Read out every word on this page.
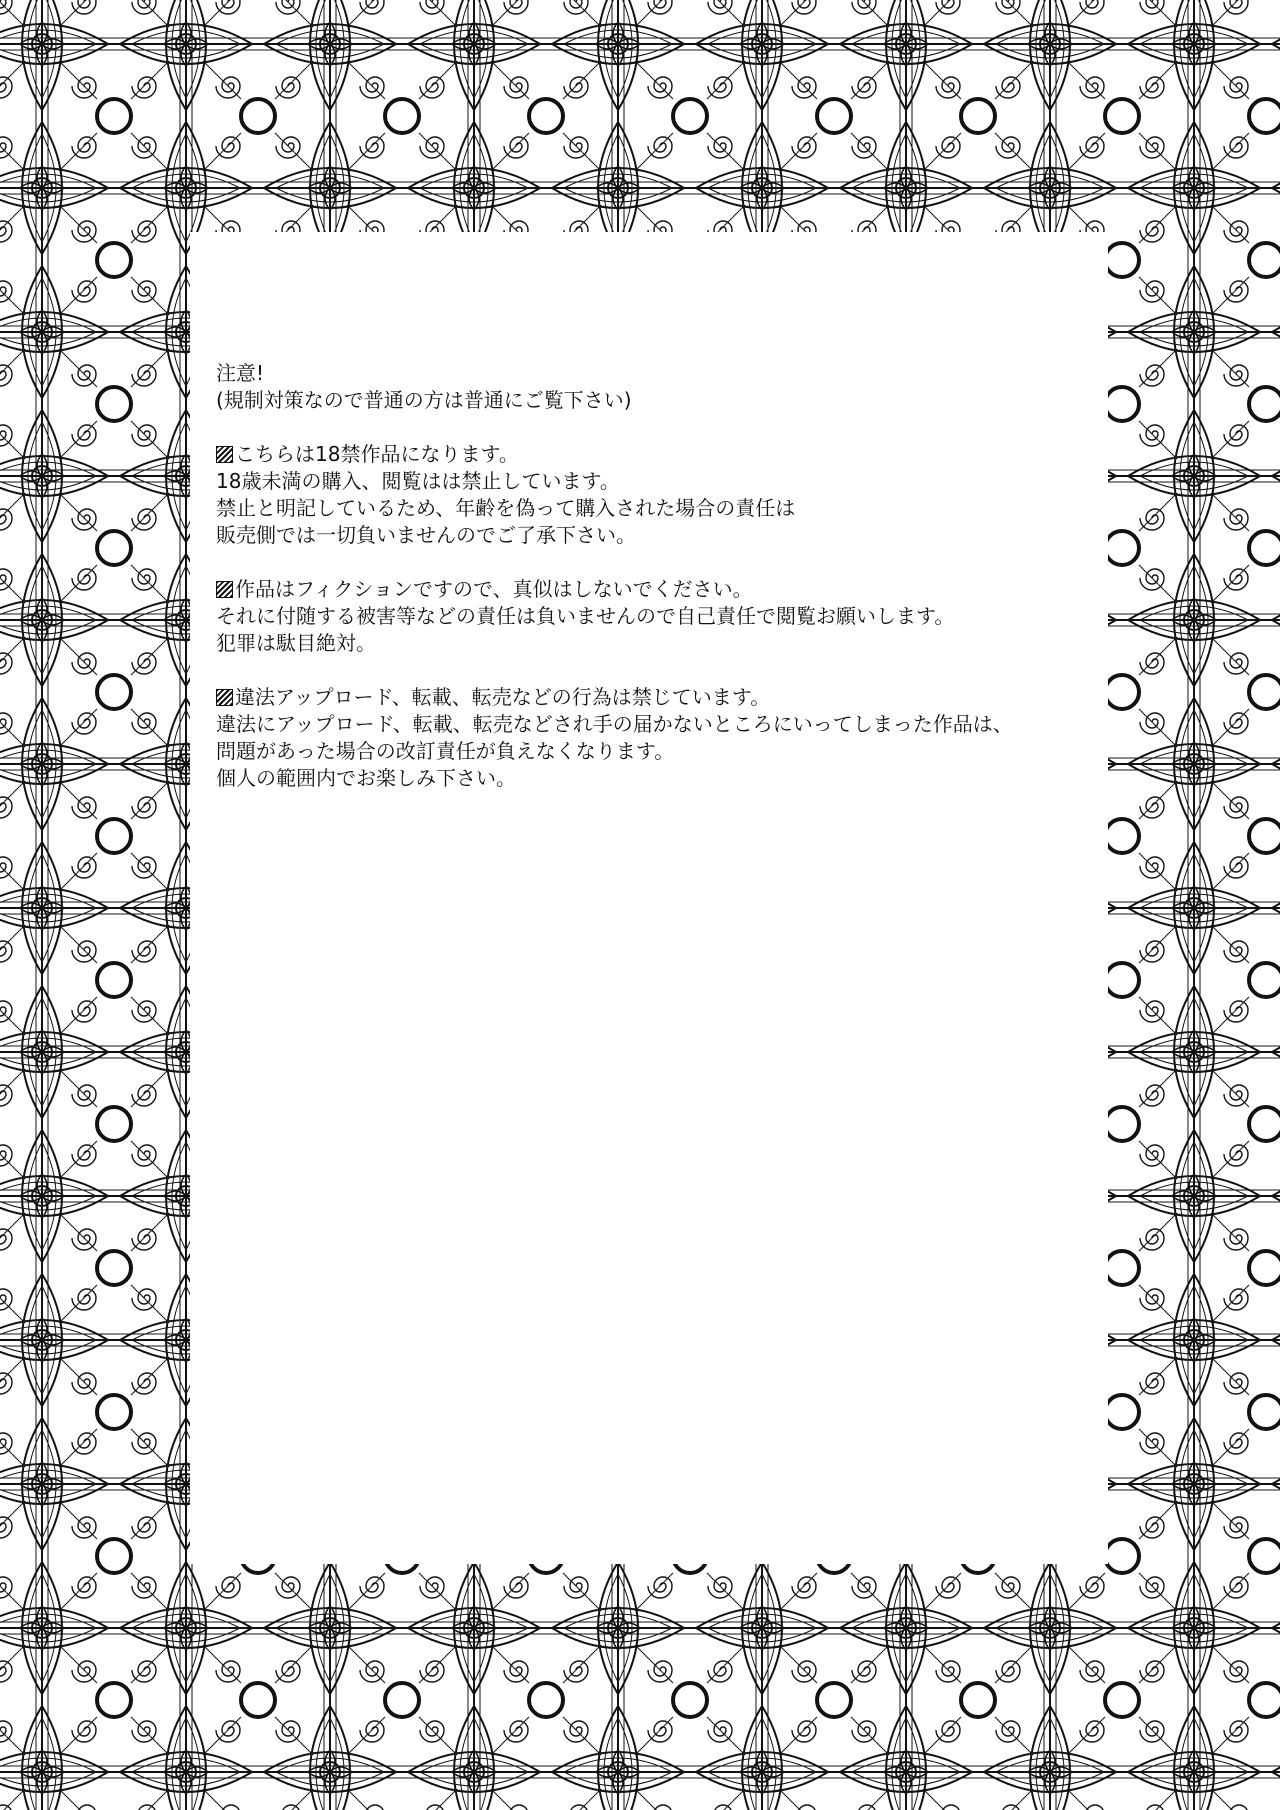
注意!
(規制対策なので普通の方は普通にご覧下さい)
こちらは18禁作品になります。
18歳未満の購入、閲覧はは禁止しています。
禁止と明記しているため、年齢を偽って購入された場合の責任は
販売側では一切負いませんのでご了承下さい。
作品はフィクションですので、真似はしないでください。
それに付随する被害等などの責任は負いませんので自己責任で閲覧お願いします。
犯罪は駄目絶対。
違法アップロード、転載、転売などの行為は禁じています。
違法にアップロード、転載、転売などされ手の届かないところにいってしまった作品は、
問題があった場合の改訂責任が負えなくなります。
個人の範囲内でお楽しみ下さい。
